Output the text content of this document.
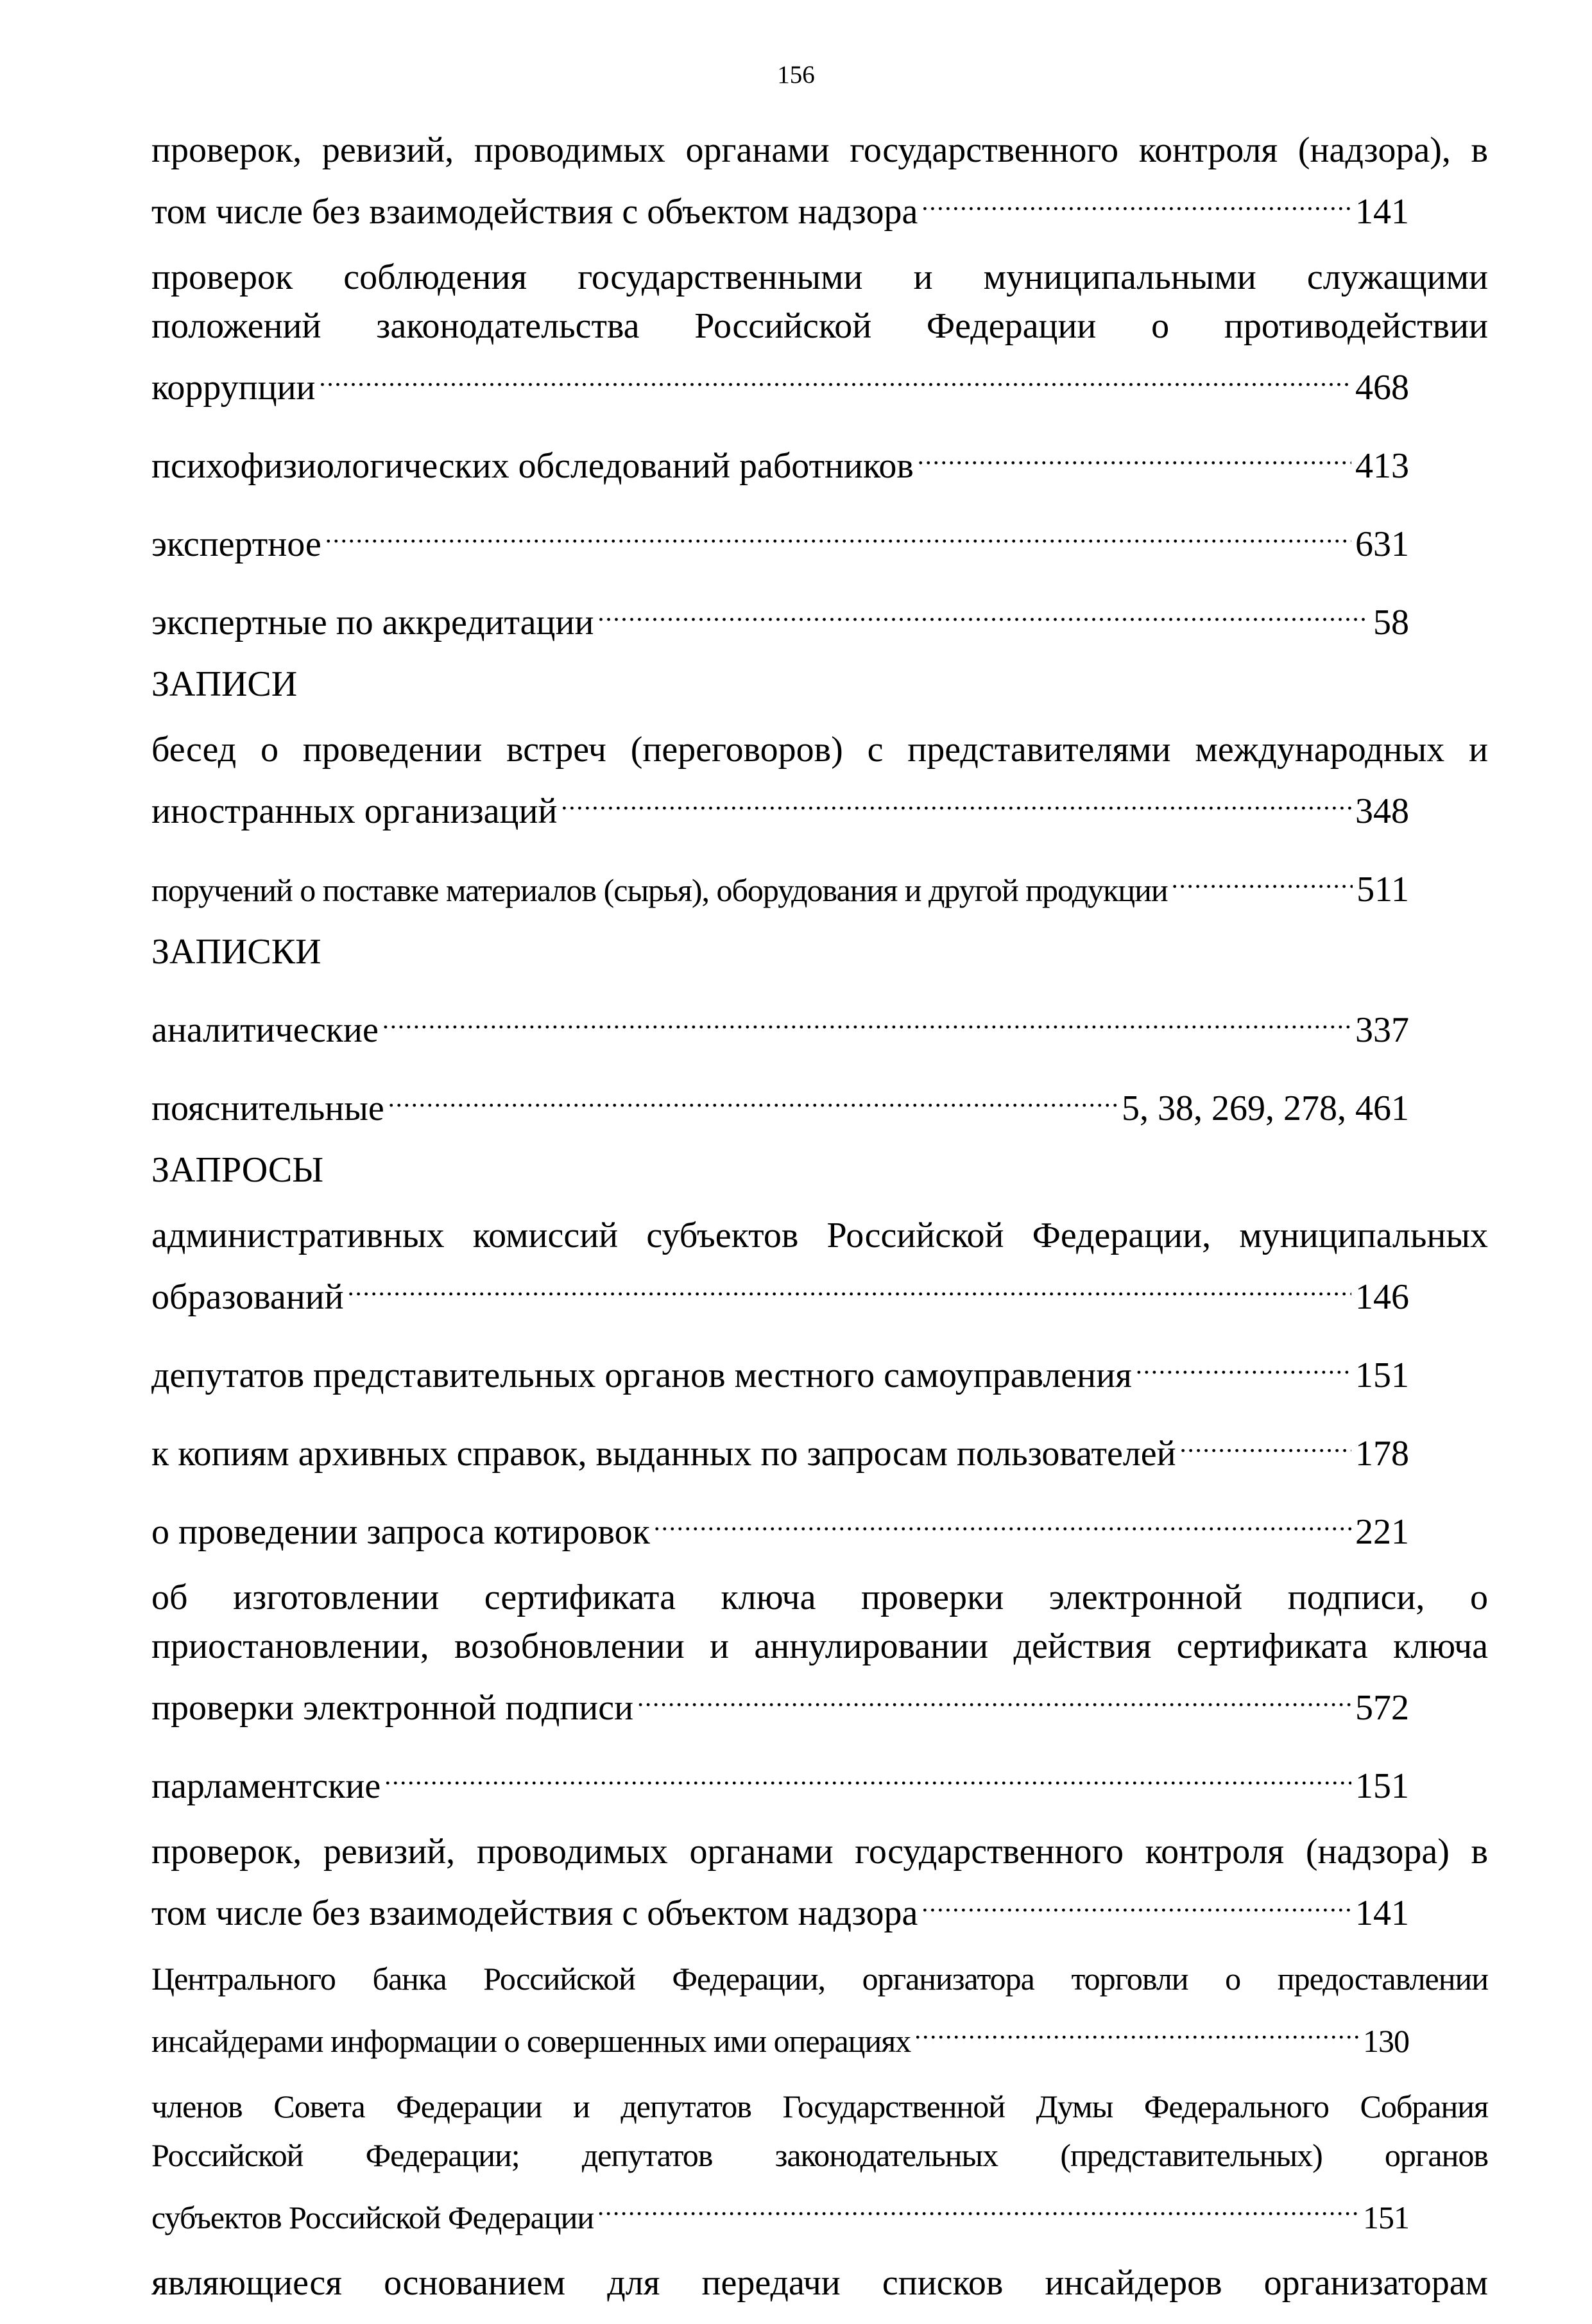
156
проверок, ревизий, проводимых органами государственного контроля (надзора), в
том числе без взаимодействия с объектом надзора .....	141
проверок соблюдения государственными и муниципальными служащими
положений законодательства Российской Федерации о противодействии
коррупции .....	468
психофизиологических обследований работников .....	413
экспертное .....	631
экспертные по аккредитации .....	58
ЗАПИСИ
бесед о проведении встреч (переговоров) с представителями международных и
иностранных организаций .....	348
поручений о поставке материалов (сырья), оборудования и другой продукции .....	511
ЗАПИСКИ
аналитические .....	337
пояснительные .....	5, 38, 269, 278, 461
ЗАПРОСЫ
административных комиссий субъектов Российской Федерации, муниципальных
образований .....	146
депутатов представительных органов местного самоуправления .....	151
к копиям архивных справок, выданных по запросам пользователей .....	178
о проведении запроса котировок .....	221
об изготовлении сертификата ключа проверки электронной подписи, о
приостановлении, возобновлении и аннулировании действия сертификата ключа
проверки электронной подписи .....	572
парламентские .....	151
проверок, ревизий, проводимых органами государственного контроля (надзора) в
том числе без взаимодействия с объектом надзора .....	141
Центрального банка Российской Федерации, организатора торговли о предоставлении
инсайдерами информации о совершенных ими операциях .....	130
членов Совета Федерации и депутатов Государственной Думы Федерального Собрания
Российской Федерации; депутатов законодательных (представительных) органов
субъектов Российской Федерации .....	151
являющиеся основанием для передачи списков инсайдеров организаторам
